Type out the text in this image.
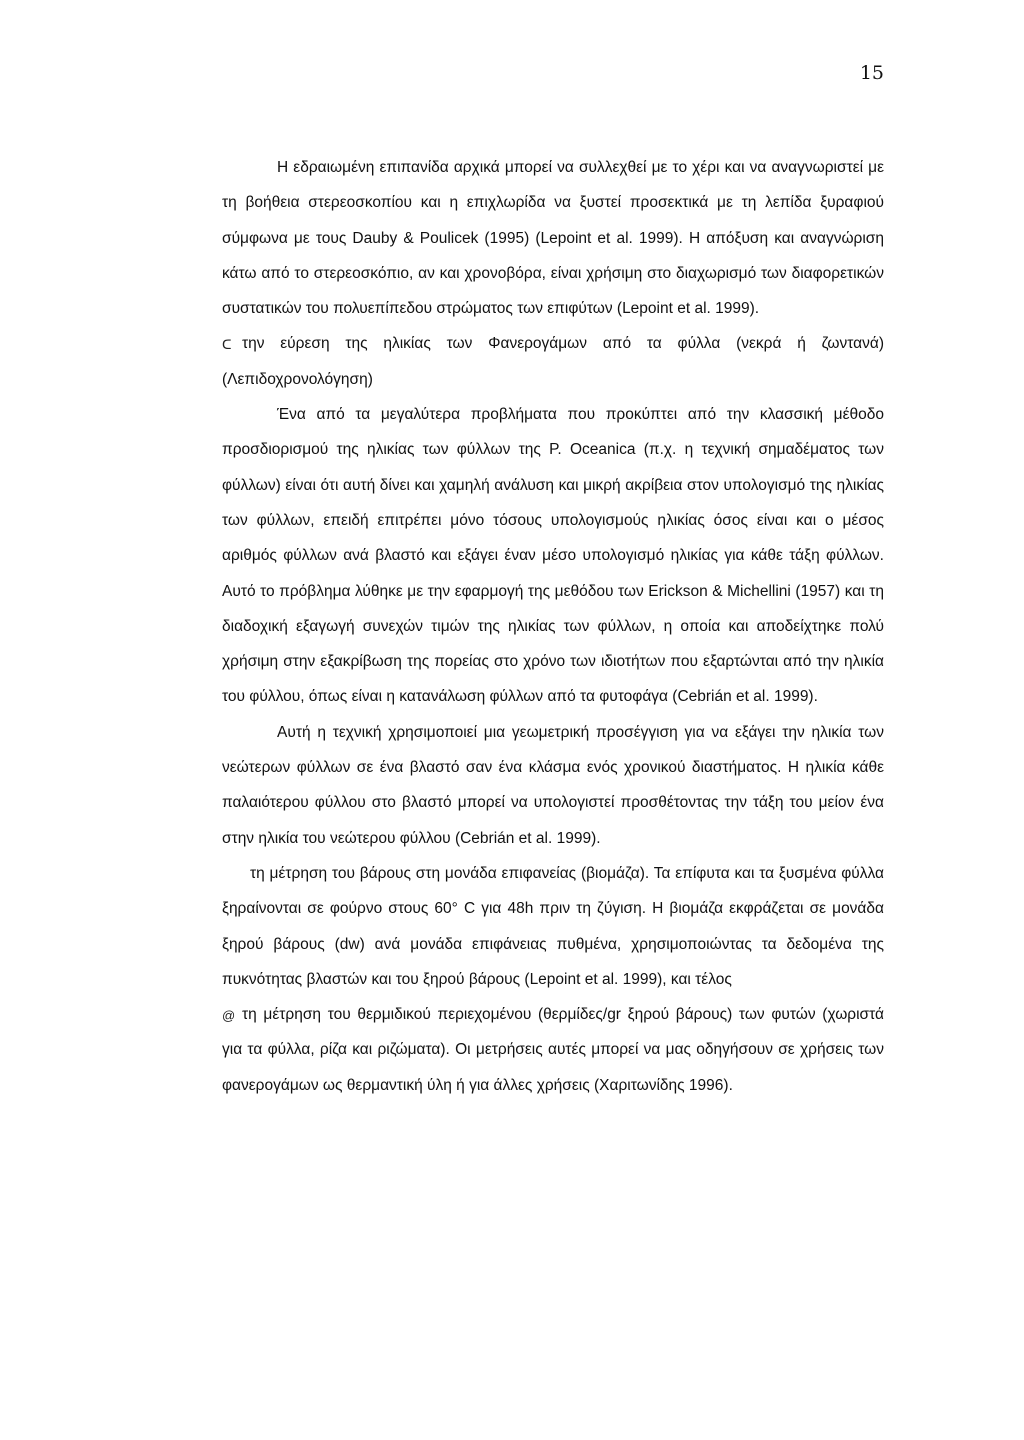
15

Η εδραιωμένη επιπανίδα αρχικά μπορεί να συλλεχθεί με το χέρι και να αναγνωριστεί με τη βοήθεια στερεοσκοπίου και η επιχλωρίδα να ξυστεί προσεκτικά με τη λεπίδα ξυραφιού σύμφωνα με τους Dauby & Poulicek (1995) (Lepoint et al. 1999). Η απόξυση και αναγνώριση κάτω από το στερεοσκόπιο, αν και χρονοβόρα, είναι χρήσιμη στο διαχωρισμό των διαφορετικών συστατικών του πολυεπίπεδου στρώματος των επιφύτων (Lepoint et al. 1999).

ᑕ την εύρεση της ηλικίας των Φανερογάμων από τα φύλλα (νεκρά ή ζωντανά) (Λεπιδοχρονολόγηση)

Ένα από τα μεγαλύτερα προβλήματα που προκύπτει από την κλασσική μέθοδο προσδιορισμού της ηλικίας των φύλλων της P. Oceanica (π.χ. η τεχνική σημαδέματος των φύλλων) είναι ότι αυτή δίνει και χαμηλή ανάλυση και μικρή ακρίβεια στον υπολογισμό της ηλικίας των φύλλων, επειδή επιτρέπει μόνο τόσους υπολογισμούς ηλικίας όσος είναι και ο μέσος αριθμός φύλλων ανά βλαστό και εξάγει έναν μέσο υπολογισμό ηλικίας για κάθε τάξη φύλλων. Αυτό το πρόβλημα λύθηκε με την εφαρμογή της μεθόδου των Erickson & Michellini (1957) και τη διαδοχική εξαγωγή συνεχών τιμών της ηλικίας των φύλλων, η οποία και αποδείχτηκε πολύ χρήσιμη στην εξακρίβωση της πορείας στο χρόνο των ιδιοτήτων που εξαρτώνται από την ηλικία του φύλλου, όπως είναι η κατανάλωση φύλλων από τα φυτοφάγα (Cebrián et al. 1999).

Αυτή η τεχνική χρησιμοποιεί μια γεωμετρική προσέγγιση για να εξάγει την ηλικία των νεώτερων φύλλων σε ένα βλαστό σαν ένα κλάσμα ενός χρονικού διαστήματος. Η ηλικία κάθε παλαιότερου φύλλου στο βλαστό μπορεί να υπολογιστεί προσθέτοντας την τάξη του μείον ένα στην ηλικία του νεώτερου φύλλου (Cebrián et al. 1999).

τη μέτρηση του βάρους στη μονάδα επιφανείας (βιομάζα). Τα επίφυτα και τα ξυσμένα φύλλα ξηραίνονται σε φούρνο στους 60° C για 48h πριν τη ζύγιση. Η βιομάζα εκφράζεται σε μονάδα ξηρού βάρους (dw) ανά μονάδα επιφάνειας πυθμένα, χρησιμοποιώντας τα δεδομένα της πυκνότητας βλαστών και του ξηρού βάρους (Lepoint et al. 1999), και τέλος

@ τη μέτρηση του θερμιδικού περιεχομένου (θερμίδες/gr ξηρού βάρους) των φυτών (χωριστά για τα φύλλα, ρίζα και ριζώματα). Οι μετρήσεις αυτές μπορεί να μας οδηγήσουν σε χρήσεις των φανερογάμων ως θερμαντική ύλη ή για άλλες χρήσεις (Χαριτωνίδης 1996).
